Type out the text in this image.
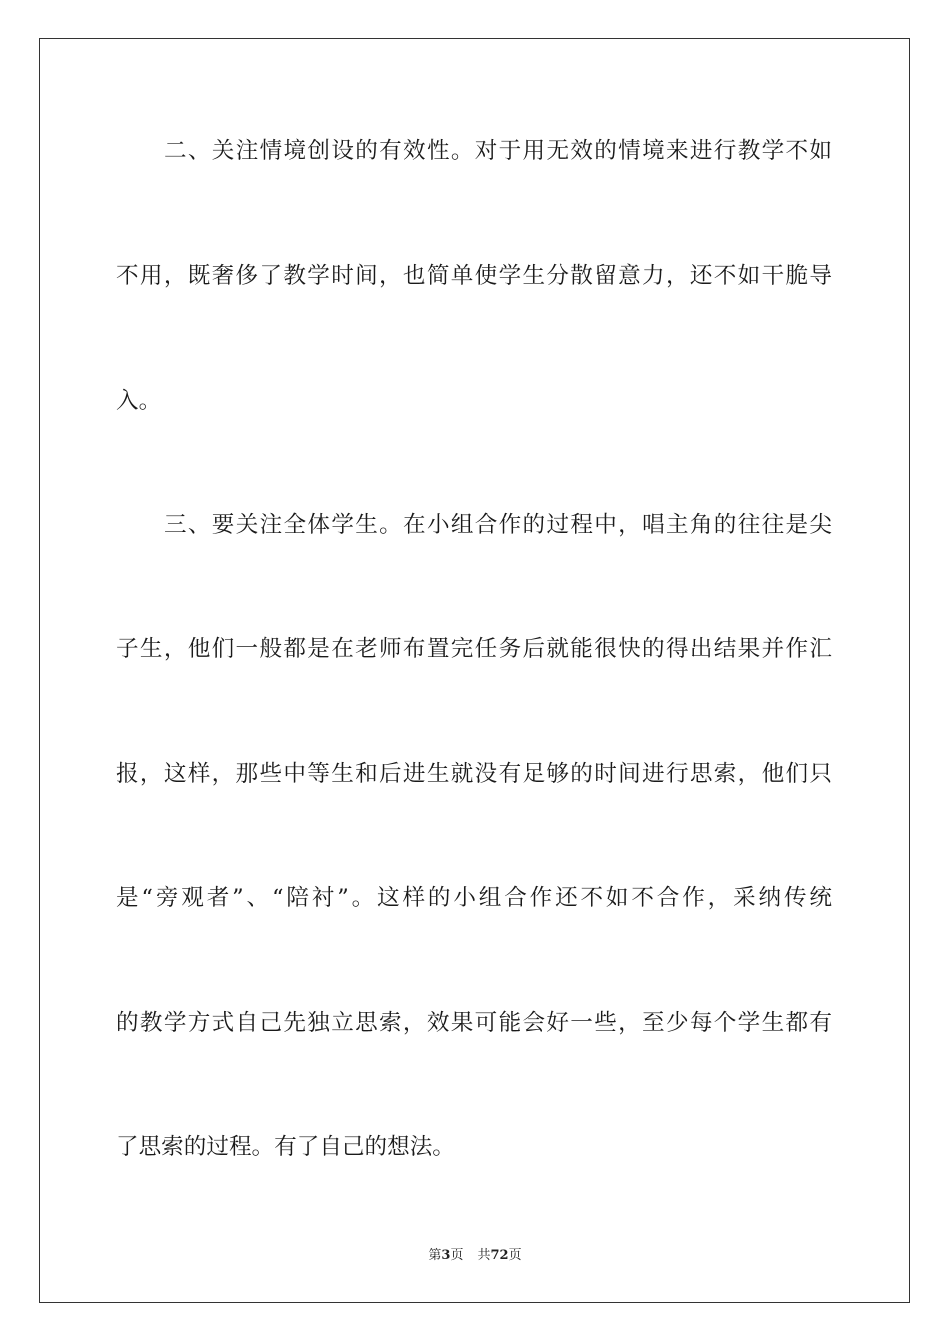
二、关注情境创设的有效性。对于用无效的情境来进行教学不如
不用，既奢侈了教学时间，也简单使学生分散留意力，还不如干脆导
入。
三、要关注全体学生。在小组合作的过程中，唱主角的往往是尖
子生，他们一般都是在老师布置完任务后就能很快的得出结果并作汇
报，这样，那些中等生和后进生就没有足够的时间进行思索，他们只
是“旁观者”、“陪衬”。这样的小组合作还不如不合作，采纳传统
的教学方式自己先独立思索，效果可能会好一些，至少每个学生都有
了思索的过程。有了自己的想法。
第3页 共72页
